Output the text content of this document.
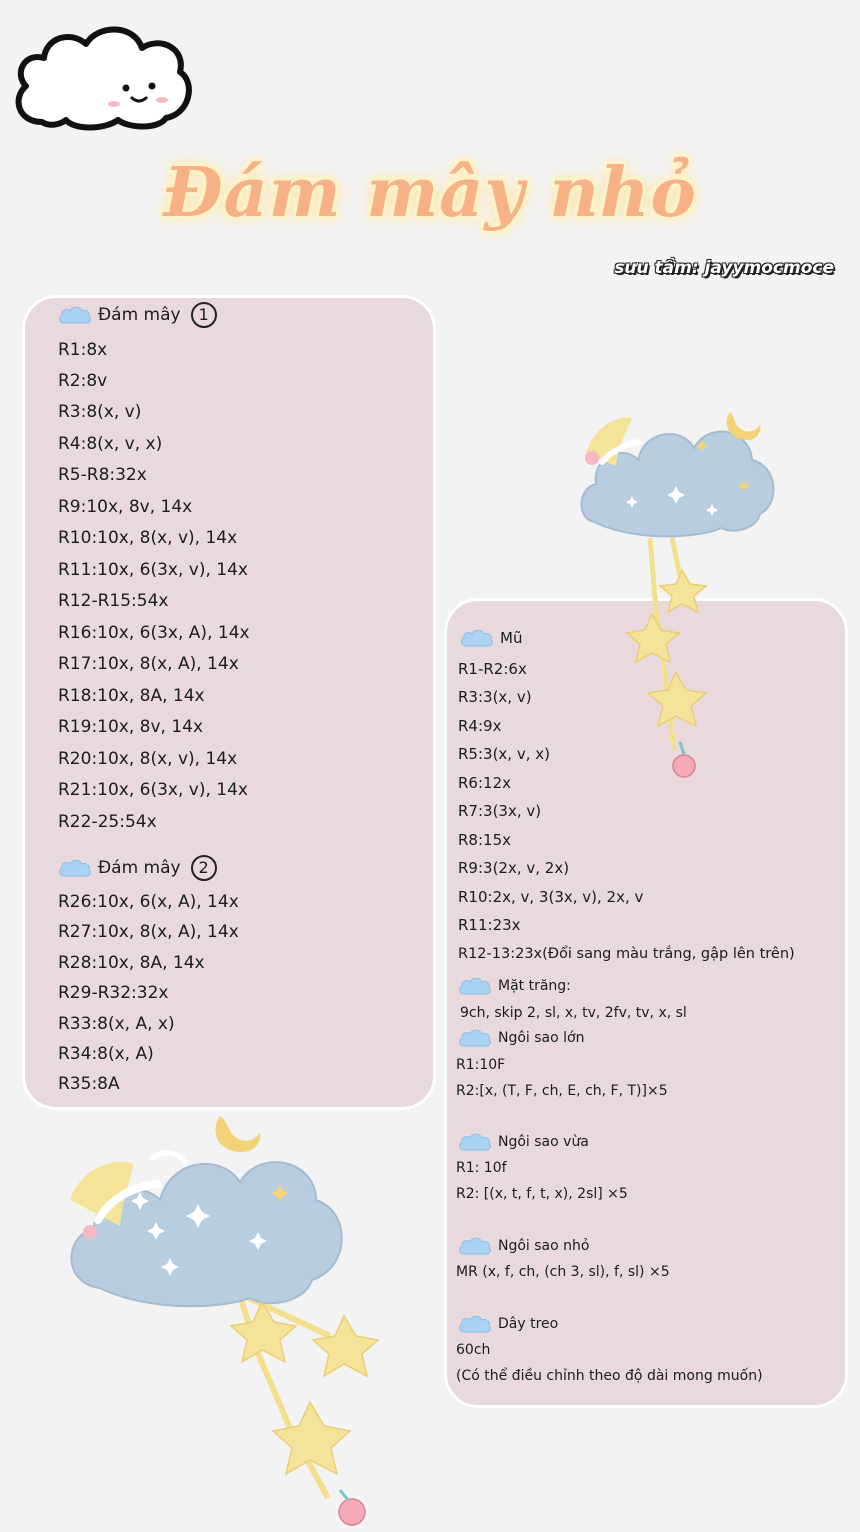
Đám mây nhỏ
sưu tầm: jayymocmoce
Đám mây	1
R1:8x
R2:8v
R3:8(x, v)
R4:8(x, v, x)
R5-R8:32x
R9:10x, 8v, 14x
R10:10x, 8(x, v), 14x
R11:10x, 6(3x, v), 14x
R12-R15:54x
R16:10x, 6(3x, A), 14x
R17:10x, 8(x, A), 14x
R18:10x, 8A, 14x
R19:10x, 8v, 14x
R20:10x, 8(x, v), 14x
R21:10x, 6(3x, v), 14x
R22-25:54x
Đám mây	2
R26:10x, 6(x, A), 14x
R27:10x, 8(x, A), 14x
R28:10x, 8A, 14x
R29-R32:32x
R33:8(x, A, x)
R34:8(x, A)
R35:8A
Mũ
R1-R2:6x
R3:3(x, v)
R4:9x
R5:3(x, v, x)
R6:12x
R7:3(3x, v)
R8:15x
R9:3(2x, v, 2x)
R10:2x, v, 3(3x, v), 2x, v
R11:23x
R12-13:23x(Đổi sang màu trắng, gập lên trên)
Mặt trăng:
9ch, skip 2, sl, x, tv, 2fv, tv, x, sl
Ngôi sao lớn
R1:10F
R2:[x, (T, F, ch, E, ch, F, T)]×5
Ngôi sao vừa
R1: 10f
R2: [(x, t, f, t, x), 2sl] ×5
Ngôi sao nhỏ
MR (x, f, ch, (ch 3, sl), f, sl) ×5
Dây treo
60ch
(Có thể điều chỉnh theo độ dài mong muốn)
